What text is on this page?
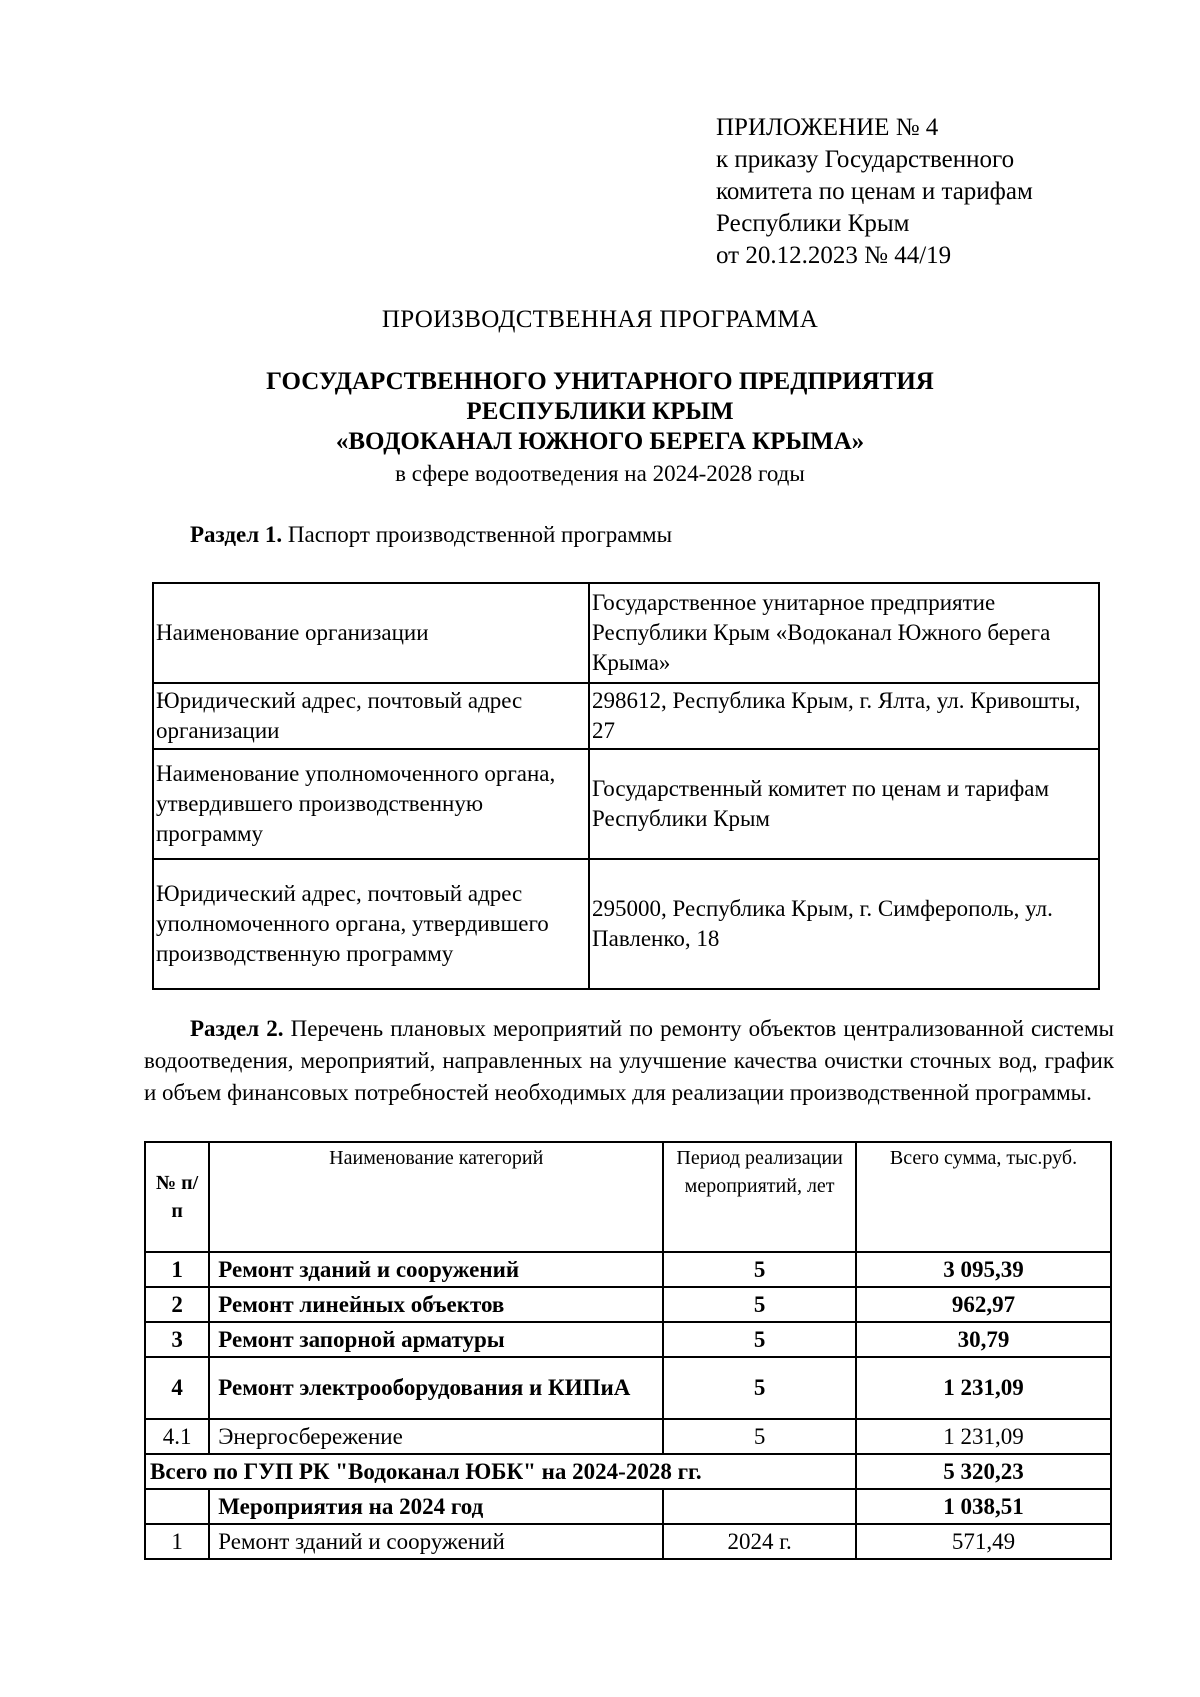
ПРИЛОЖЕНИЕ № 4
к приказу Государственного
комитета по ценам и тарифам
Республики Крым
от 20.12.2023 № 44/19
ПРОИЗВОДСТВЕННАЯ ПРОГРАММА
ГОСУДАРСТВЕННОГО УНИТАРНОГО ПРЕДПРИЯТИЯ
РЕСПУБЛИКИ КРЫМ
«ВОДОКАНАЛ ЮЖНОГО БЕРЕГА КРЫМА»
в сфере водоотведения на 2024-2028 годы
Раздел 1. Паспорт производственной программы
Наименование организации	Государственное унитарное предприятие Республики Крым «Водоканал Южного берега Крыма»
Юридический адрес, почтовый адрес организации	298612, Республика Крым, г. Ялта, ул. Кривошты, 27
Наименование уполномоченного органа, утвердившего производственную программу	Государственный комитет по ценам и тарифам Республики Крым
Юридический адрес, почтовый адрес уполномоченного органа, утвердившего производственную программу	295000, Республика Крым, г. Симферополь, ул. Павленко, 18
Раздел 2. Перечень плановых мероприятий по ремонту объектов централизованной системы водоотведения, мероприятий, направленных на улучшение качества очистки сточных вод, график и объем финансовых потребностей необходимых для реализации производственной программы.
№ п/п	Наименование категорий	Период реализации мероприятий, лет	Всего сумма, тыс.руб.
1	Ремонт зданий и сооружений	5	3 095,39
2	Ремонт линейных объектов	5	962,97
3	Ремонт запорной арматуры	5	30,79
4	Ремонт электрооборудования и КИПиА	5	1 231,09
4.1	Энергосбережение	5	1 231,09
Всего по ГУП РК "Водоканал ЮБК" на 2024-2028 гг.			5 320,23
	Мероприятия на 2024 год		1 038,51
1	Ремонт зданий и сооружений	2024 г.	571,49
